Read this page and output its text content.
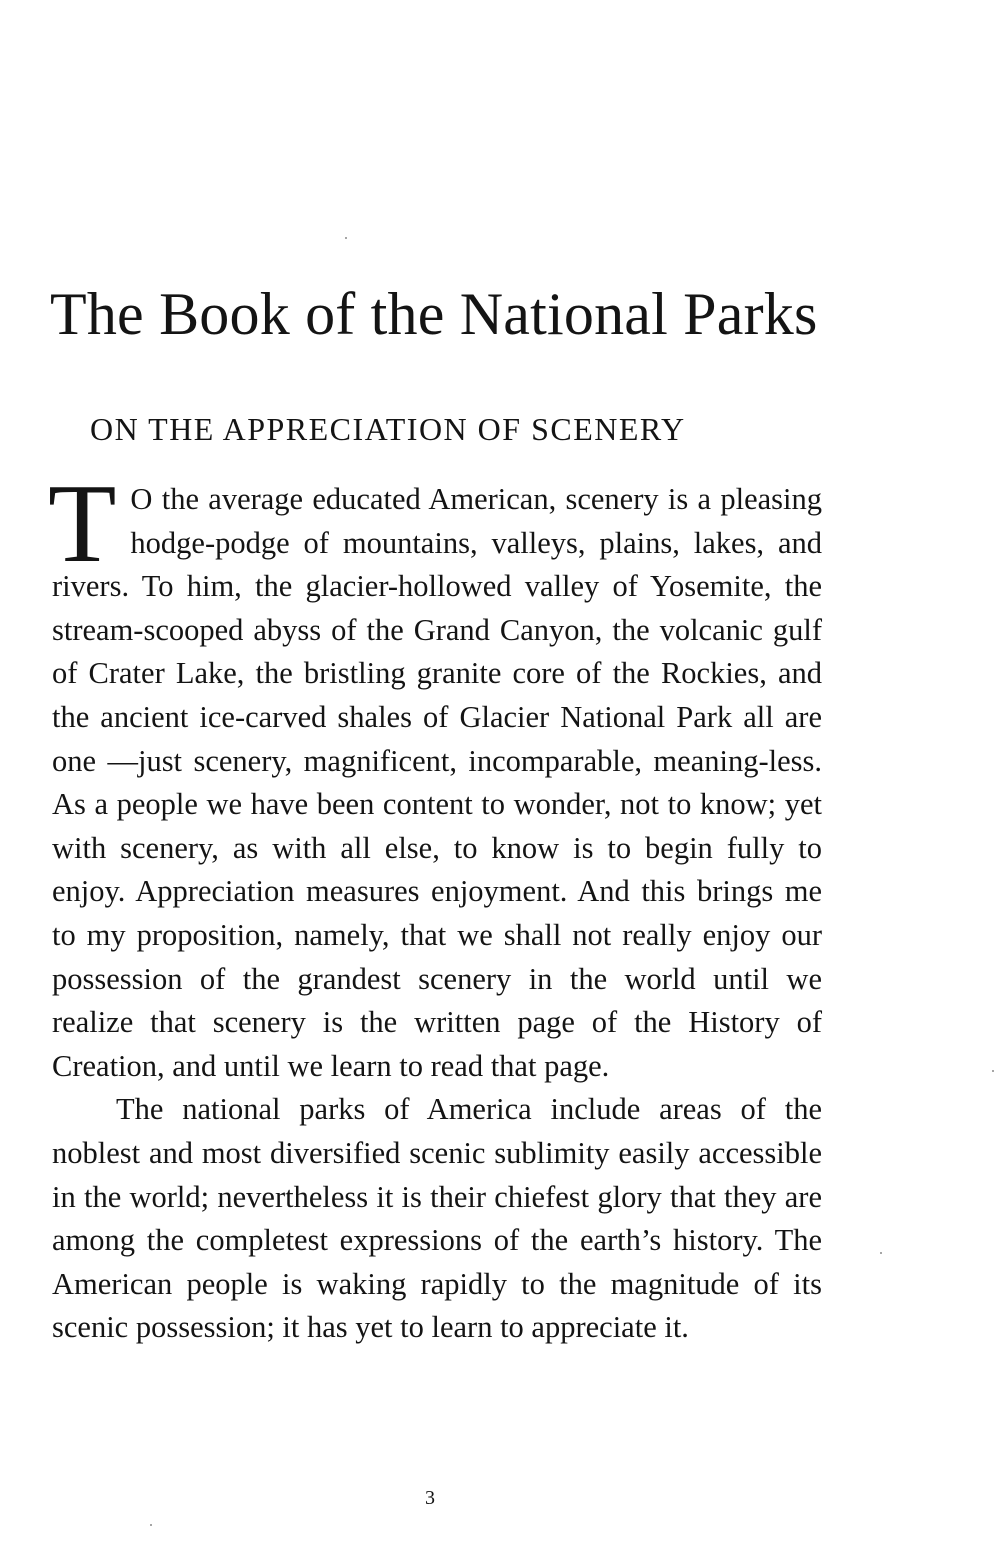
The Book of the National Parks
ON THE APPRECIATION OF SCENERY

T O the average educated American, scenery is a pleasing hodge-podge of mountains, valleys, plains, lakes, and rivers. To him, the glacier-hollowed valley of Yosemite, the stream-scooped abyss of the Grand Canyon, the volcanic gulf of Crater Lake, the bristling granite core of the Rockies, and the ancient ice-carved shales of Glacier National Park all are one —just scenery, magnificent, incomparable, meaning-less. As a people we have been content to wonder, not to know; yet with scenery, as with all else, to know is to begin fully to enjoy. Appreciation measures enjoyment. And this brings me to my proposition, namely, that we shall not really enjoy our possession of the grandest scenery in the world until we realize that scenery is the written page of the History of Creation, and until we learn to read that page.

The national parks of America include areas of the noblest and most diversified scenic sublimity easily accessible in the world; nevertheless it is their chiefest glory that they are among the completest expressions of the earth’s history. The American people is waking rapidly to the magnitude of its scenic possession; it has yet to learn to appreciate it.

3
